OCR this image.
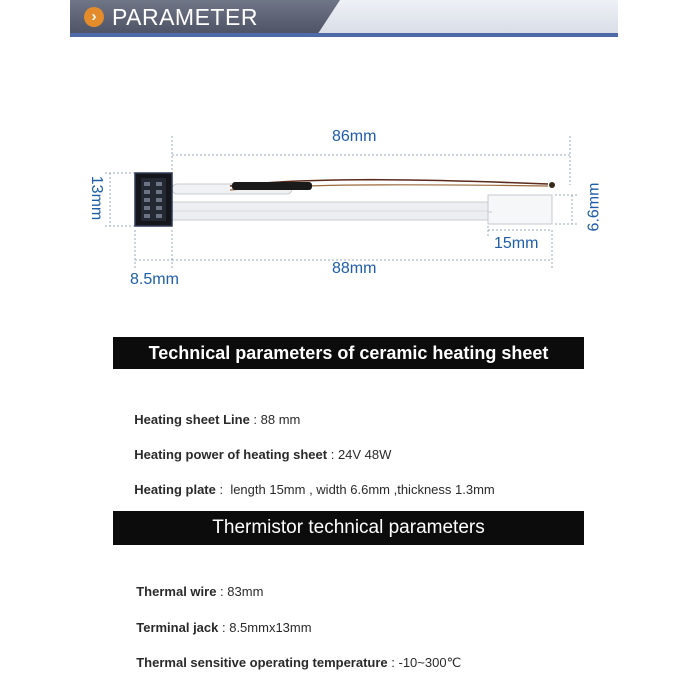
› PARAMETER
86mm
13mm	6.6mm
15mm
88mm
8.5mm
Technical parameters of ceramic heating sheet

Heating sheet Line : 88 mm

Heating power of heating sheet : 24V 48W

Heating plate :  length 15mm , width 6.6mm ,thickness 1.3mm

Thermistor technical parameters

Thermal wire : 83mm

Terminal jack : 8.5mmx13mm

Thermal sensitive operating temperature : -10~300℃
